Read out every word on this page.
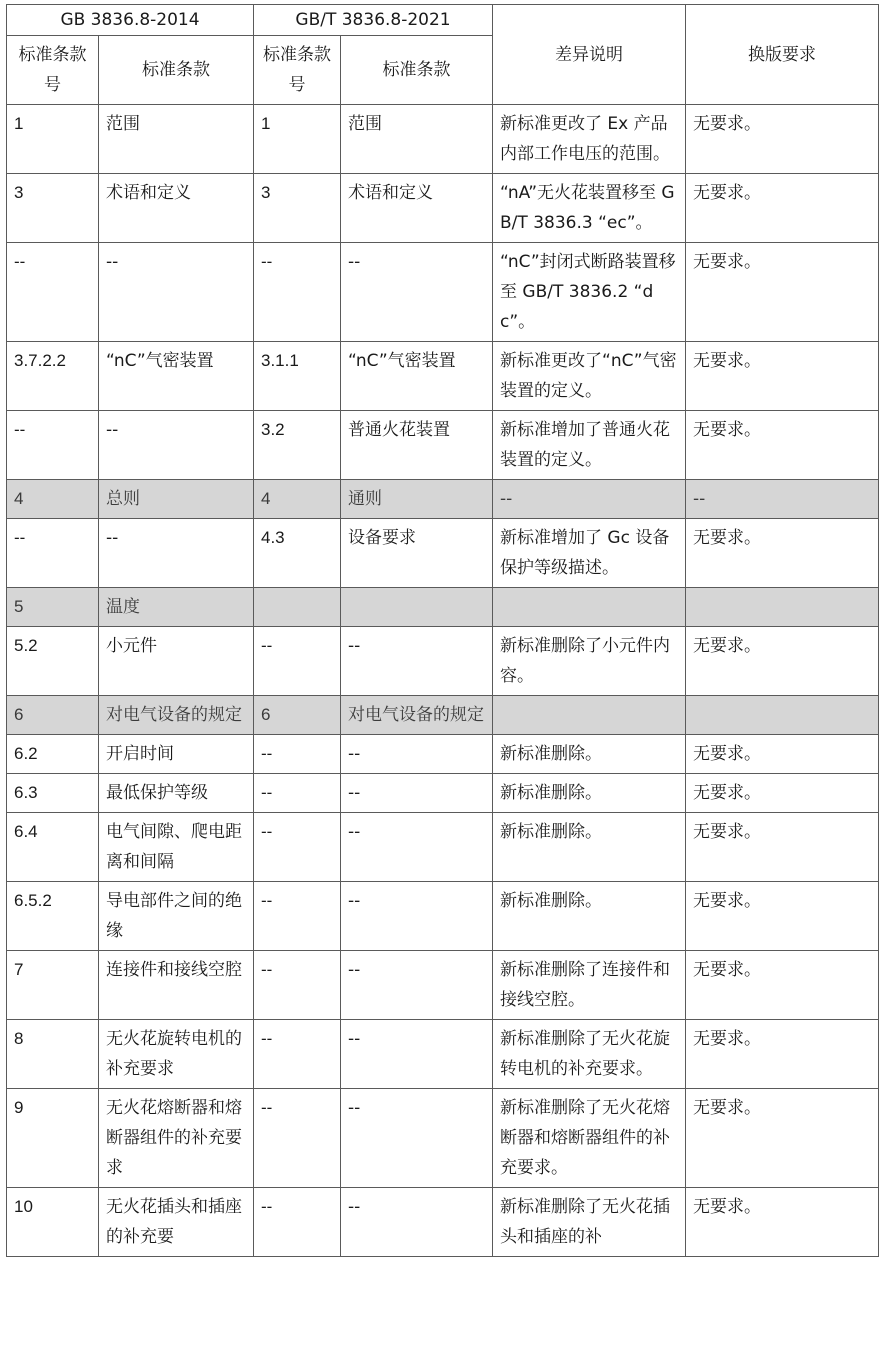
GB 3836.8-2014		GB/T 3836.8-2021		差异说明	换版要求
标准条款号	标准条款	标准条款号	标准条款		
1	范围	1	范围	新标准更改了 Ex 产品内部工作电压的范围。	无要求。
3	术语和定义	3	术语和定义	“nA”无火花装置移至 GB/T 3836.3 “ec”。	无要求。
--	--	--	--	“nC”封闭式断路装置移至 GB/T 3836.2 “dc”。	无要求。
3.7.2.2	“nC”气密装置	3.1.1	“nC”气密装置	新标准更改了“nC”气密装置的定义。	无要求。
--	--	3.2	普通火花装置	新标准增加了普通火花装置的定义。	无要求。
4	总则	4	通则	--	--
--	--	4.3	设备要求	新标准增加了 Gc 设备保护等级描述。	无要求。
5	温度				
5.2	小元件	--	--	新标准删除了小元件内容。	无要求。
6	对电气设备的规定	6	对电气设备的规定		
6.2	开启时间	--	--	新标准删除。	无要求。
6.3	最低保护等级	--	--	新标准删除。	无要求。
6.4	电气间隙、爬电距离和间隔	--	--	新标准删除。	无要求。
6.5.2	导电部件之间的绝缘	--	--	新标准删除。	无要求。
7	连接件和接线空腔	--	--	新标准删除了连接件和接线空腔。	无要求。
8	无火花旋转电机的补充要求	--	--	新标准删除了无火花旋转电机的补充要求。	无要求。
9	无火花熔断器和熔断器组件的补充要求	--	--	新标准删除了无火花熔断器和熔断器组件的补充要求。	无要求。
10	无火花插头和插座的补充要	--	--	新标准删除了无火花插头和插座的补	无要求。
